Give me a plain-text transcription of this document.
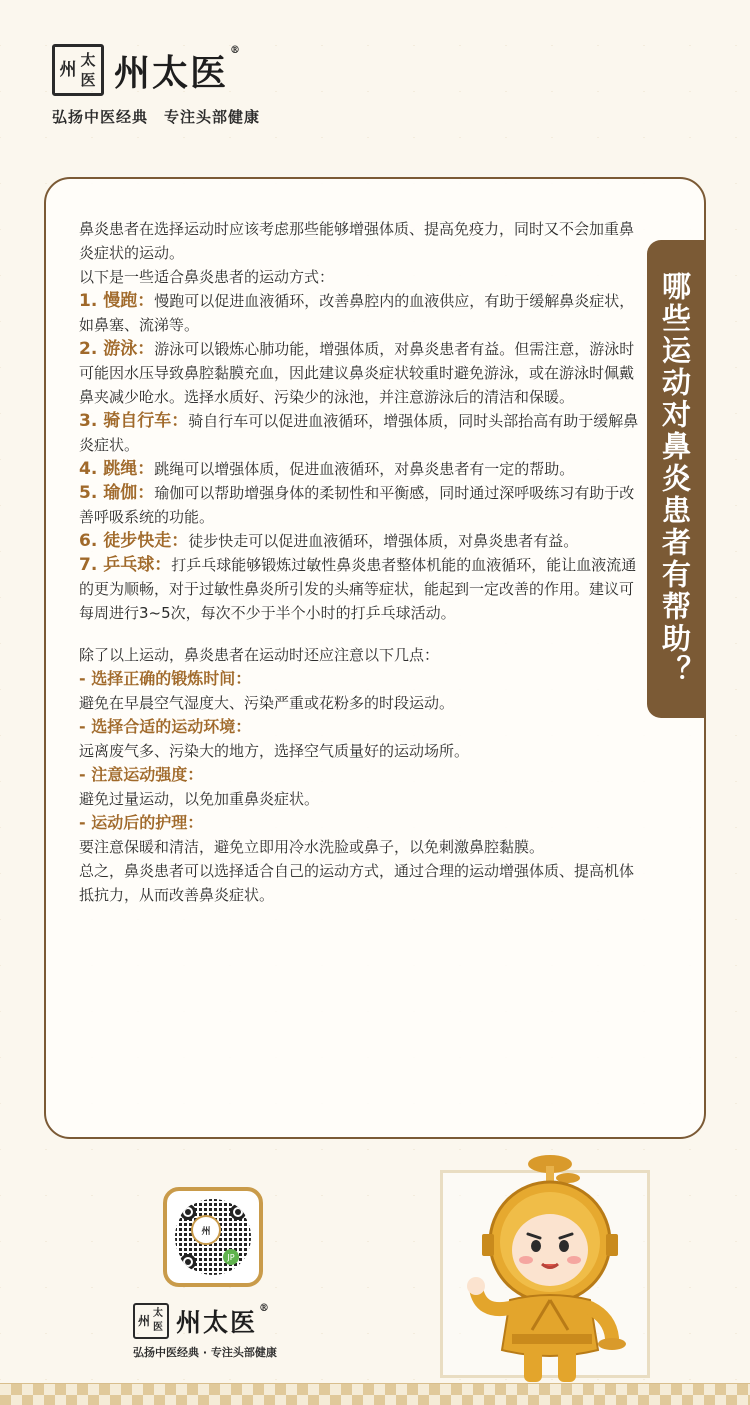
州 太
医 州太医®
弘扬中医经典　专注头部健康

鼻炎患者在选择运动时应该考虑那些能够增强体质、提高免疫力，同时又不会加重鼻炎症状的运动。

以下是一些适合鼻炎患者的运动方式：

1. 慢跑：慢跑可以促进血液循环，改善鼻腔内的血液供应，有助于缓解鼻炎症状，如鼻塞、流涕等。

2. 游泳：游泳可以锻炼心肺功能，增强体质，对鼻炎患者有益。但需注意，游泳时可能因水压导致鼻腔黏膜充血，因此建议鼻炎症状较重时避免游泳，或在游泳时佩戴鼻夹减少呛水。选择水质好、污染少的泳池，并注意游泳后的清洁和保暖。

3. 骑自行车：骑自行车可以促进血液循环，增强体质，同时头部抬高有助于缓解鼻炎症状。

4. 跳绳：跳绳可以增强体质，促进血液循环，对鼻炎患者有一定的帮助。

5. 瑜伽：瑜伽可以帮助增强身体的柔韧性和平衡感，同时通过深呼吸练习有助于改善呼吸系统的功能。

6. 徒步快走：徒步快走可以促进血液循环，增强体质，对鼻炎患者有益。

7. 乒乓球：打乒乓球能够锻炼过敏性鼻炎患者整体机能的血液循环，能让血液流通的更为顺畅，对于过敏性鼻炎所引发的头痛等症状，能起到一定改善的作用。建议可每周进行3~5次，每次不少于半个小时的打乒乓球活动。

除了以上运动，鼻炎患者在运动时还应注意以下几点：

- 选择正确的锻炼时间：

避免在早晨空气湿度大、污染严重或花粉多的时段运动。

- 选择合适的运动环境：

远离废气多、污染大的地方，选择空气质量好的运动场所。

- 注意运动强度：

避免过量运动，以免加重鼻炎症状。

- 运动后的护理：

要注意保暖和清洁，避免立即用冷水洗脸或鼻子，以免刺激鼻腔黏膜。

总之，鼻炎患者可以选择适合自己的运动方式，通过合理的运动增强体质、提高机体抵抗力，从而改善鼻炎症状。

哪些运动对鼻炎患者有帮助？
州
JP
州
太
医 州太医 ®
弘扬中医经典 · 专注头部健康
